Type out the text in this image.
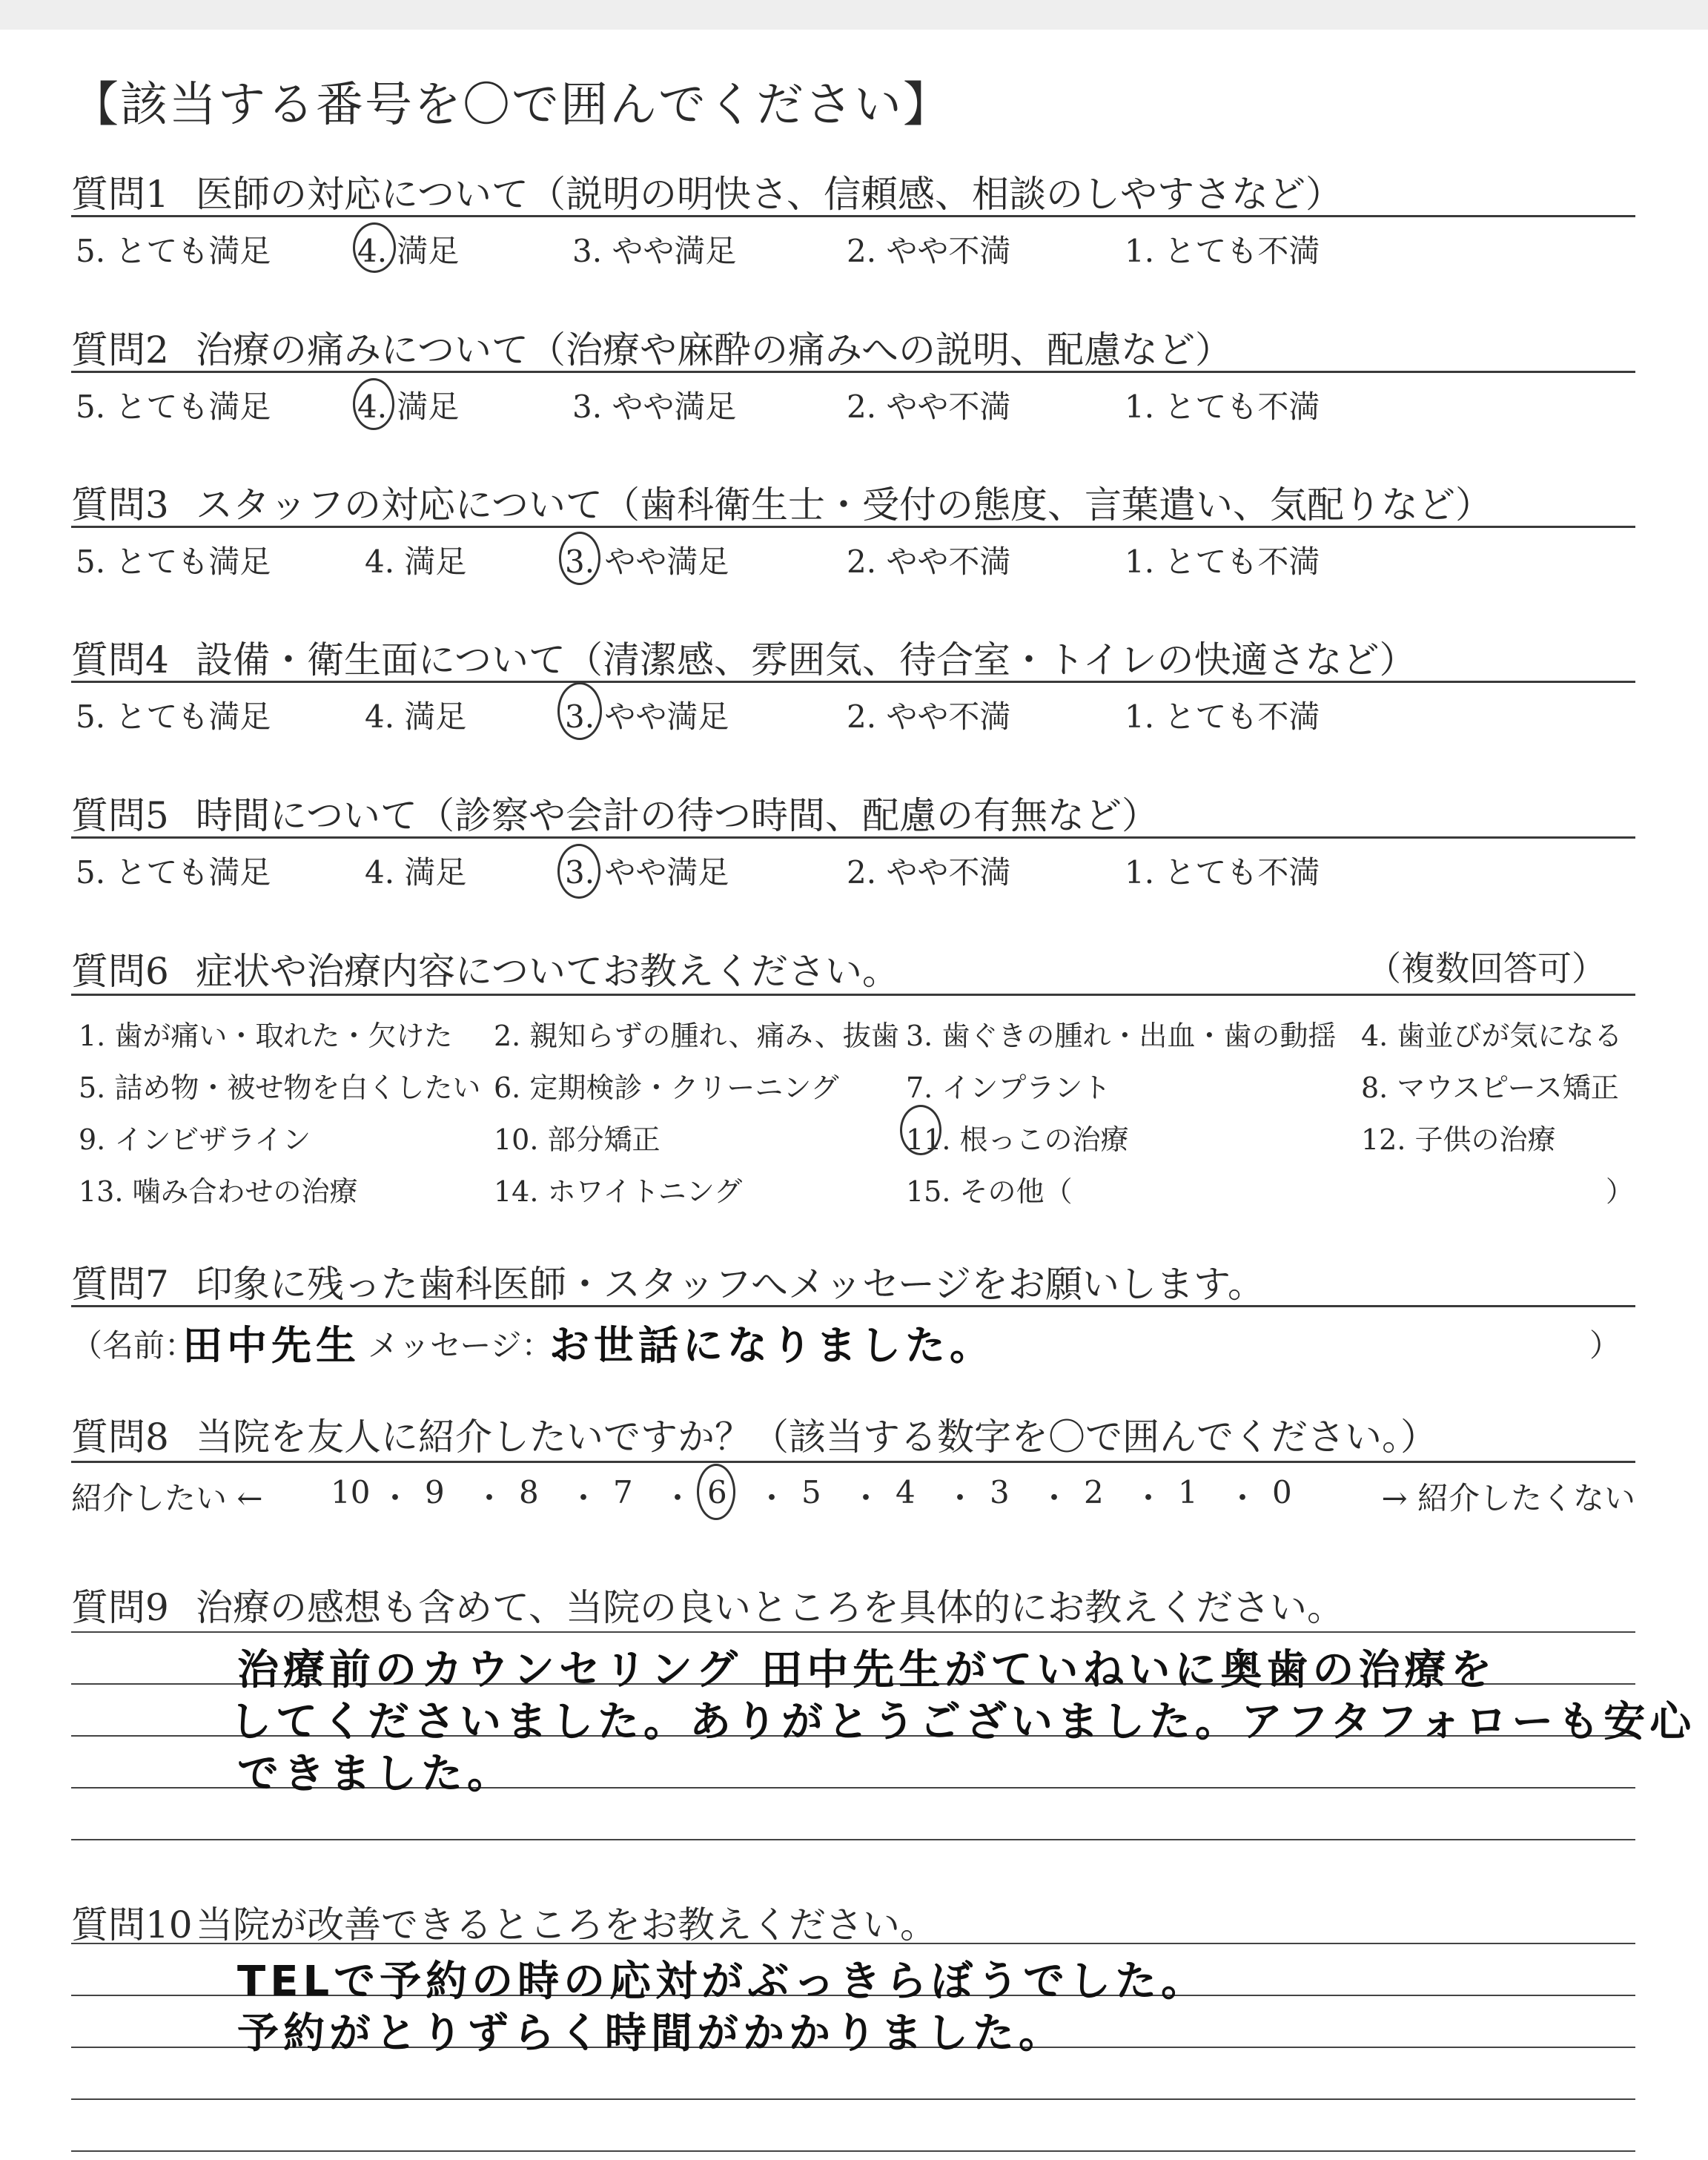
【該当する番号を〇で囲んでください】
質問1 医師の対応について（説明の明快さ、信頼感、相談のしやすさなど）
5. とても満足	4. 満足	3. やや満足	2. やや不満	1. とても不満
質問2 治療の痛みについて（治療や麻酔の痛みへの説明、配慮など）
5. とても満足	4. 満足	3. やや満足	2. やや不満	1. とても不満
質問3 スタッフの対応について（歯科衛生士・受付の態度、言葉遣い、気配りなど）
5. とても満足	4. 満足	3. やや満足	2. やや不満	1. とても不満
質問4 設備・衛生面について（清潔感、雰囲気、待合室・トイレの快適さなど）
5. とても満足	4. 満足	3. やや満足	2. やや不満	1. とても不満
質問5 時間について（診察や会計の待つ時間、配慮の有無など）
5. とても満足	4. 満足	3. やや満足	2. やや不満	1. とても不満
質問6 症状や治療内容についてお教えください。	（複数回答可）
1. 歯が痛い・取れた・欠けた 2. 親知らずの腫れ、痛み、抜歯 3. 歯ぐきの腫れ・出血・歯の動揺 4. 歯並びが気になる
5. 詰め物・被せ物を白くしたい 6. 定期検診・クリーニング 7. インプラント	8. マウスピース矯正
9. インビザライン	10. 部分矯正	11. 根っこの治療	12. 子供の治療
13. 噛み合わせの治療	14. ホワイトニング	15. その他（	）
質問7 印象に残った歯科医師・スタッフへメッセージをお願いします。
（名前：
田中先生 メッセージ：
お世話になりました。	）
質問8 当院を友人に紹介したいですか？（該当する数字を〇で囲んでください。）
紹介したい ←	→ 紹介したくない
10 ・ 9 ・ 8 ・ 7 ・ 6 ・ 5 ・ 4 ・ 3 ・ 2 ・ 1 ・ 0
質問9 治療の感想も含めて、当院の良いところを具体的にお教えください。
治療前のカウンセリング 田中先生がていねいに奥歯の治療を
してくださいました。ありがとうございました。アフタフォローも安心
できました。
質問10当院が改善できるところをお教えください。
TELで予約の時の応対がぶっきらぼうでした。
予約がとりずらく時間がかかりました。
